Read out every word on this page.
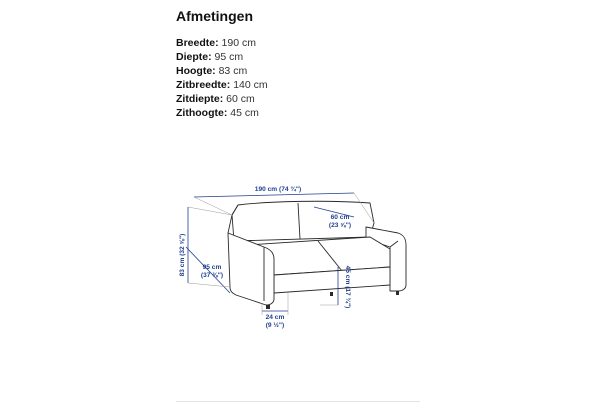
Afmetingen
Breedte: 190 cm
Diepte: 95 cm
Hoogte: 83 cm
Zitbreedte: 140 cm
Zitdiepte: 60 cm
Zithoogte: 45 cm
190 cm (74 ¾")
83 cm (32 ⅝")	95 cm
(37 ⅜")
60 cm
(23 ⅝")
45 cm (17 ¾")
24 cm
(9 ½")
